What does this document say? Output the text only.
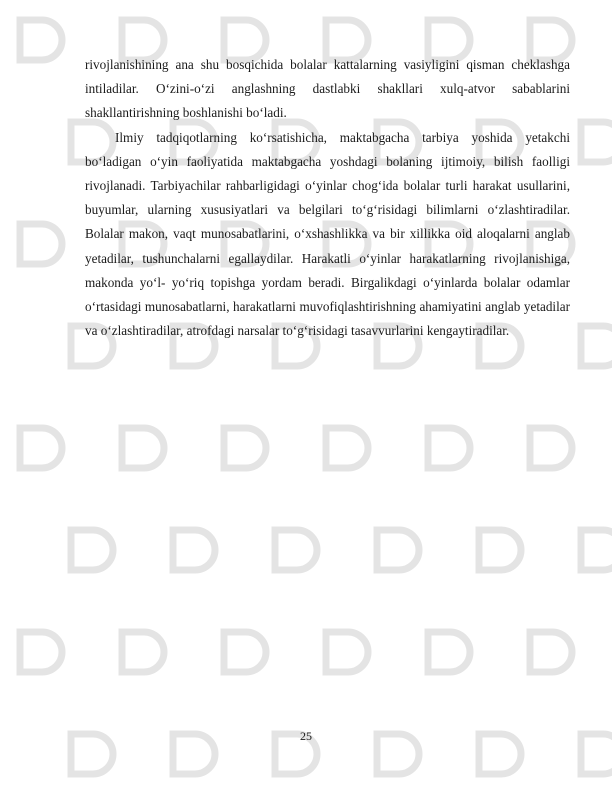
rivojlanishining ana shu bosqichida bolalar kattalarning vasiyligini qisman cheklashga intiladilar. O‘zini-o‘zi anglashning dastlabki shakllari xulq-atvor sabablarini shakllantirishning boshlanishi bo‘ladi.

Ilmiy tadqiqotlarning ko‘rsatishicha, maktabgacha tarbiya yoshida yetakchi bo‘ladigan o‘yin faoliyatida maktabgacha yoshdagi bolaning ijtimoiy, bilish faolligi rivojlanadi. Tarbiyachilar rahbarligidagi o‘yinlar chog‘ida bolalar turli harakat usullarini, buyumlar, ularning xususiyatlari va belgilari to‘g‘risidagi bilimlarni o‘zlashtiradilar. Bolalar makon, vaqt munosabatlarini, o‘xshashlikka va bir xillikka oid aloqalarni anglab yetadilar, tushunchalarni egallaydilar. Harakatli o‘yinlar harakatlarning rivojlanishiga, makonda yo‘l- yo‘riq topishga yordam beradi. Birgalikdagi o‘yinlarda bolalar odamlar o‘rtasidagi munosabatlarni, harakatlarni muvofiqlashtirishning ahamiyatini anglab yetadilar va o‘zlashtiradilar, atrofdagi narsalar to‘g‘risidagi tasavvurlarini kengaytiradilar.

25
